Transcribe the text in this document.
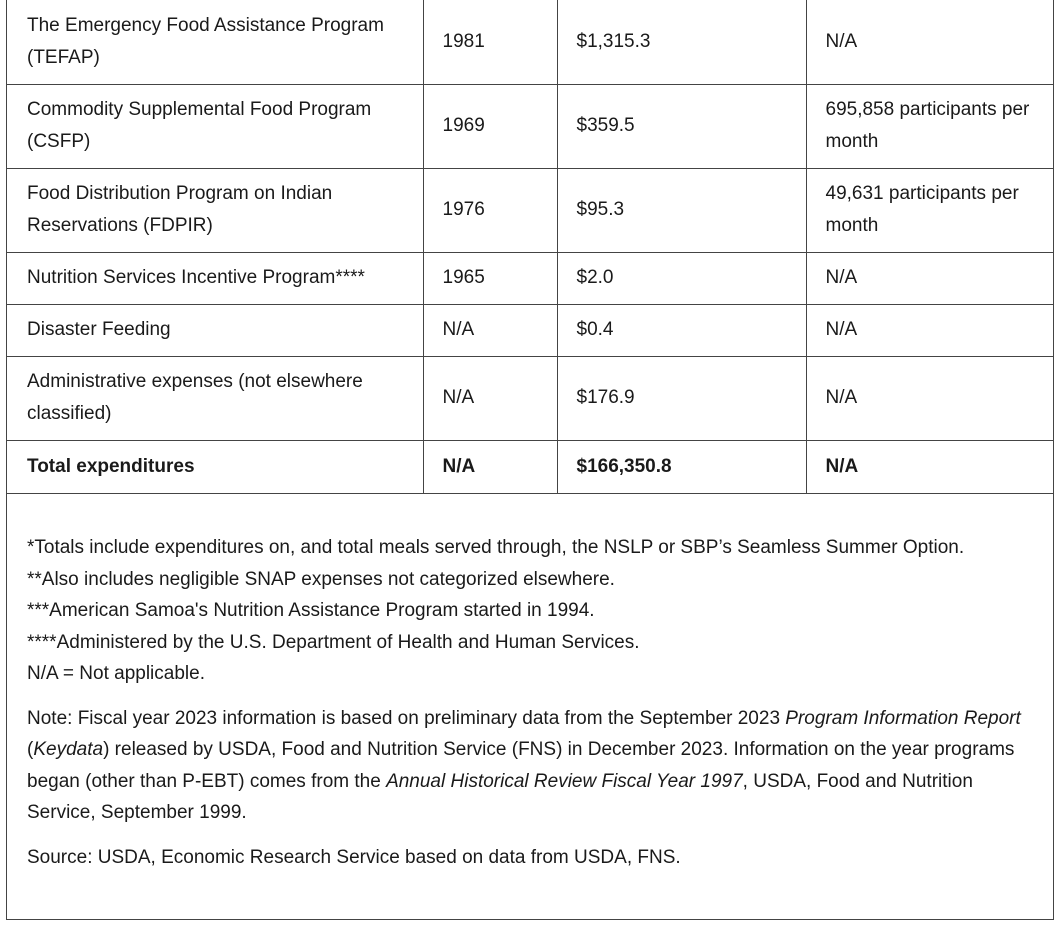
The Emergency Food Assistance Program (TEFAP)	1981	$1,315.3	N/A
Commodity Supplemental Food Program (CSFP)	1969	$359.5	695,858 participants per month
Food Distribution Program on Indian Reservations (FDPIR)	1976	$95.3	49,631 participants per month
Nutrition Services Incentive Program****	1965	$2.0	N/A
Disaster Feeding	N/A	$0.4	N/A
Administrative expenses (not elsewhere classified)	N/A	$176.9	N/A
Total expenditures	N/A	$166,350.8	N/A

*Totals include expenditures on, and total meals served through, the NSLP or SBP’s Seamless Summer Option.

**Also includes negligible SNAP expenses not categorized elsewhere.

***American Samoa's Nutrition Assistance Program started in 1994.

****Administered by the U.S. Department of Health and Human Services.

N/A = Not applicable.

Note: Fiscal year 2023 information is based on preliminary data from the September 2023 Program Information Report (Keydata) released by USDA, Food and Nutrition Service (FNS) in December 2023. Information on the year programs began (other than P-EBT) comes from the Annual Historical Review Fiscal Year 1997, USDA, Food and Nutrition Service, September 1999.

Source: USDA, Economic Research Service based on data from USDA, FNS.
